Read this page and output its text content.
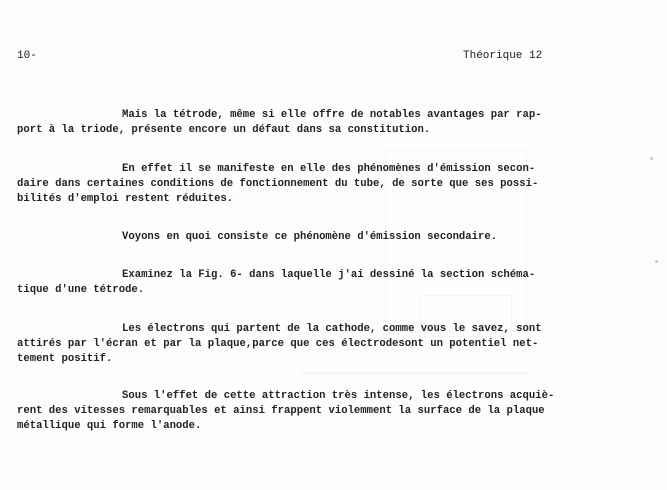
10-	Théorique 12

Mais la tétrode, même si elle offre de notables avantages par rap-
port à la triode, présente encore un défaut dans sa constitution.

En effet il se manifeste en elle des phénomènes d'émission secon-
daire dans certaines conditions de fonctionnement du tube, de sorte que ses possi-
bilités d'emploi restent réduites.

Voyons en quoi consiste ce phénomène d'émission secondaire.

Examinez la Fig. 6- dans laquelle j'ai dessiné la section schéma-
tique d'une tétrode.

Les électrons qui partent de la cathode, comme vous le savez, sont
attirés par l'écran et par la plaque,parce que ces électrodesont un potentiel net-
tement positif.

Sous l'effet de cette attraction très intense, les électrons acquiè-
rent des vitesses remarquables et ainsi frappent violemment la surface de la plaque
métallique qui forme l'anode.
